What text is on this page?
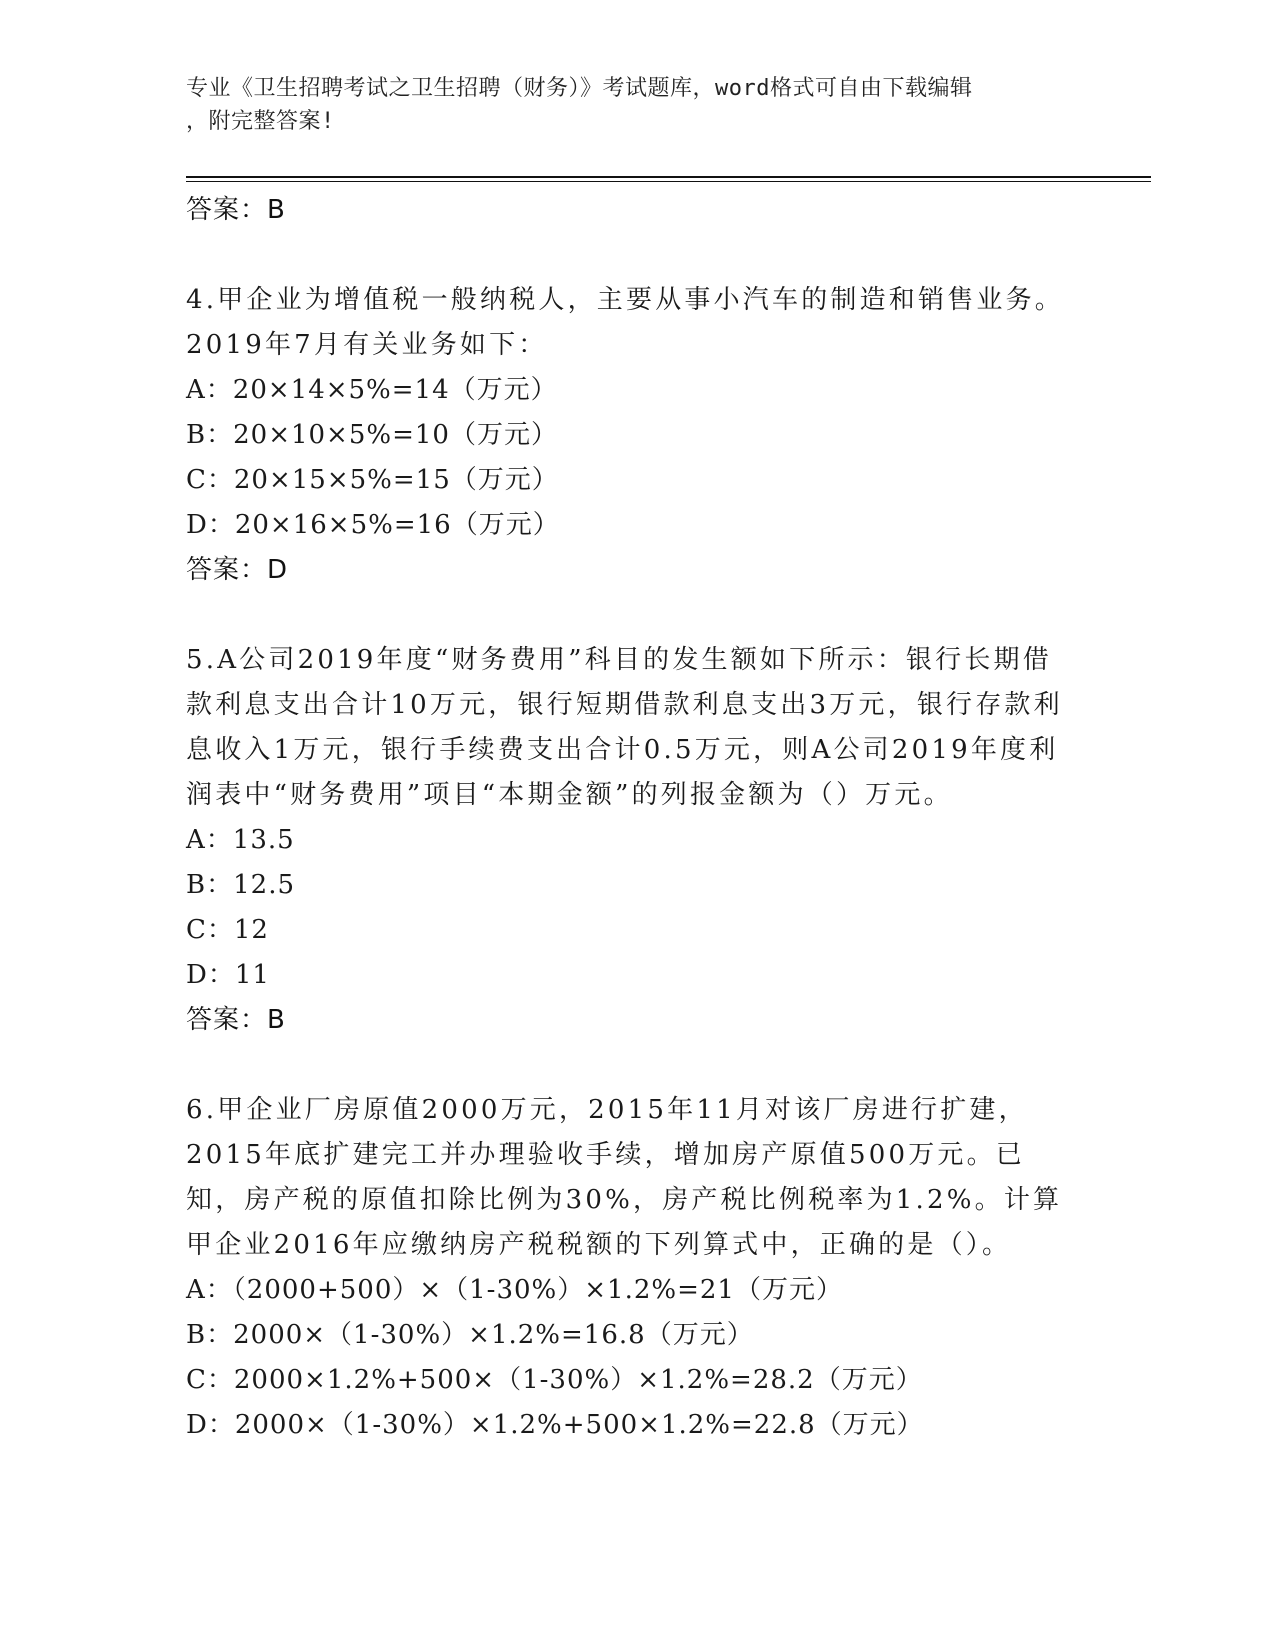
专业《卫生招聘考试之卫生招聘（财务）》考试题库，word格式可自由下载编辑
，附完整答案!
答案：B
4.甲企业为增值税一般纳税人，主要从事小汽车的制造和销售业务。2019年7月有关业务如下：
A：20×14×5%=14（万元）
B：20×10×5%=10（万元）
C：20×15×5%=15（万元）
D：20×16×5%=16（万元）
答案：D
5.A公司2019年度“财务费用”科目的发生额如下所示：银行长期借款利息支出合计10万元，银行短期借款利息支出3万元，银行存款利息收入1万元，银行手续费支出合计0.5万元，则A公司2019年度利润表中“财务费用”项目“本期金额”的列报金额为（）万元。
A：13.5
B：12.5
C：12
D：11
答案：B
6.甲企业厂房原值2000万元，2015年11月对该厂房进行扩建，2015年底扩建完工并办理验收手续，增加房产原值500万元。已知，房产税的原值扣除比例为30%，房产税比例税率为1.2%。计算甲企业2016年应缴纳房产税税额的下列算式中，正确的是（）。
A：（2000+500）×（1-30%）×1.2%=21（万元）
B：2000×（1-30%）×1.2%=16.8（万元）
C：2000×1.2%+500×（1-30%）×1.2%=28.2（万元）
D：2000×（1-30%）×1.2%+500×1.2%=22.8（万元）
